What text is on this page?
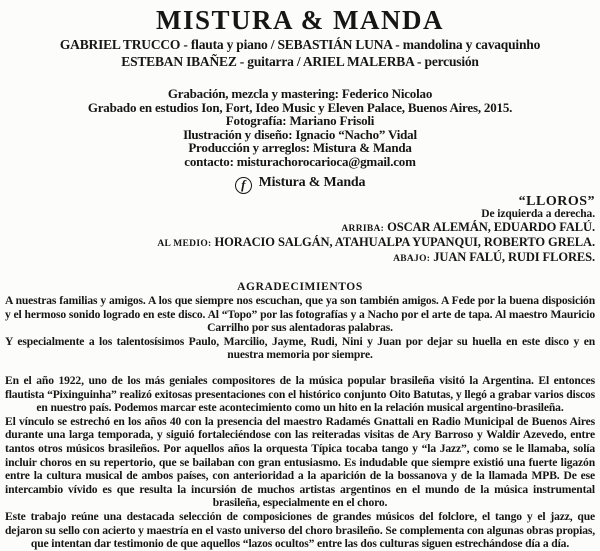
MISTURA & MANDA
GABRIEL TRUCCO - flauta y piano / SEBASTIÁN LUNA - mandolina y cavaquinho
ESTEBAN IBAÑEZ - guitarra / ARIEL MALERBA - percusión
Grabación, mezcla y mastering: Federico Nicolao
Grabado en estudios Ion, Fort, Ideo Music y Eleven Palace, Buenos Aires, 2015.
Fotografía: Mariano Frisoli
Ilustración y diseño: Ignacio “Nacho” Vidal
Producción y arreglos: Mistura & Manda
contacto: misturachorocarioca@gmail.com
f Mistura & Manda
“LLOROS”
De izquierda a derecha.
ARRIBA: OSCAR ALEMÁN, EDUARDO FALÚ.
AL MEDIO: HORACIO SALGÁN, ATAHUALPA YUPANQUI, ROBERTO GRELA.
ABAJO: JUAN FALÚ, RUDI FLORES.
AGRADECIMIENTOS
A nuestras familias y amigos. A los que siempre nos escuchan, que ya son también amigos. A Fede por la buena disposición y el hermoso sonido logrado en este disco. Al “Topo” por las fotografías y a Nacho por el arte de tapa. Al maestro Mauricio Carrilho por sus alentadoras palabras.
Y especialmente a los talentosísimos Paulo, Marcilio, Jayme, Rudi, Nini y Juan por dejar su huella en este disco y en nuestra memoria por siempre.
En el año 1922, uno de los más geniales compositores de la música popular brasileña visitó la Argentina. El entonces flautista “Pixinguinha” realizó exitosas presentaciones con el histórico conjunto Oito Batutas, y llegó a grabar varios discos en nuestro país. Podemos marcar este acontecimiento como un hito en la relación musical argentino-brasileña.
El vínculo se estrechó en los años 40 con la presencia del maestro Radamés Gnattali en Radio Municipal de Buenos Aires durante una larga temporada, y siguió fortaleciéndose con las reiteradas visitas de Ary Barroso y Waldir Azevedo, entre tantos otros músicos brasileños. Por aquellos años la orquesta Típica tocaba tango y “la Jazz”, como se le llamaba, solía incluir choros en su repertorio, que se bailaban con gran entusiasmo. Es indudable que siempre existió una fuerte ligazón entre la cultura musical de ambos países, con anterioridad a la aparición de la bossanova y de la llamada MPB. De ese intercambio vívido es que resulta la incursión de muchos artistas argentinos en el mundo de la música instrumental brasileña, especialmente en el choro.
Este trabajo reúne una destacada selección de composiciones de grandes músicos del folclore, el tango y el jazz, que dejaron su sello con acierto y maestría en el vasto universo del choro brasileño. Se complementa con algunas obras propias, que intentan dar testimonio de que aquellos “lazos ocultos” entre las dos culturas siguen estrechándose día a día.
